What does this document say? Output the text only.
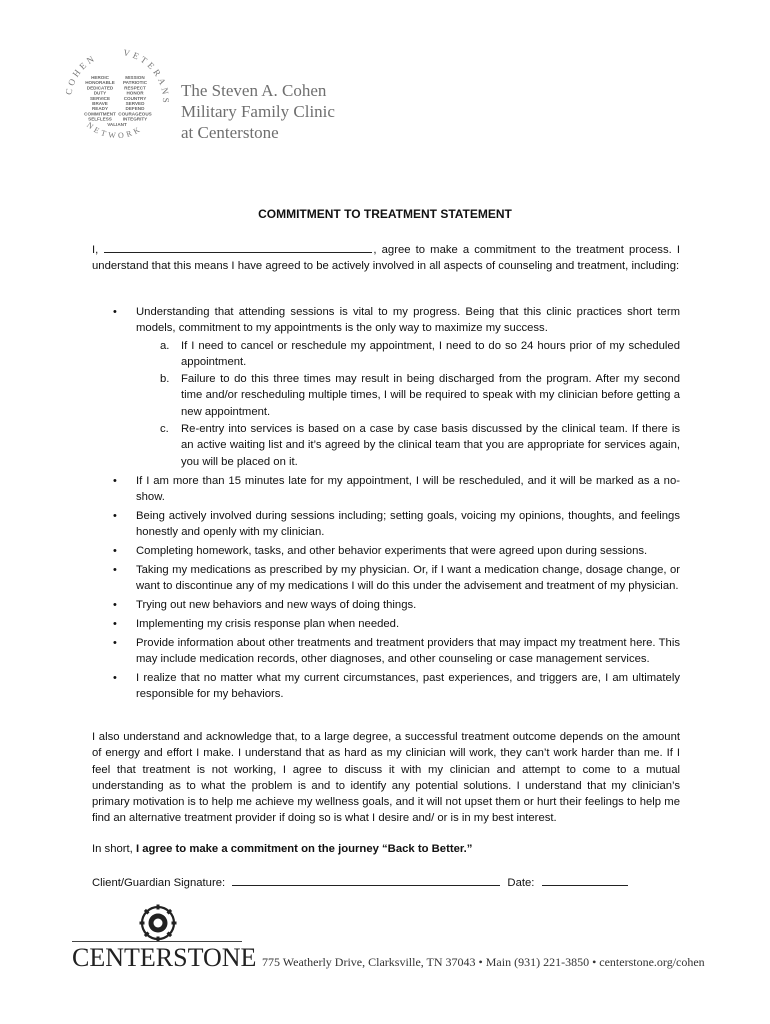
COHEN	VETERANS
NETWORK
HEROIC	MISSION
HONORABLE PATRIOTIC
DEDICATED RESPECT
DUTY	HONOR
SERVICE	COUNTRY
BRAVE	SERVED
READY	DEFEND
COMMITMENT COURAGEOUS
SELFLESS INTEGRITY
VALIANT
The Steven A. Cohen
Military Family Clinic
at Centerstone
COMMITMENT TO TREATMENT STATEMENT
I,	, agree to make a commitment to the treatment process. I understand that this means I have agreed to be actively involved in all aspects of counseling and treatment, including:
• Understanding that attending sessions is vital to my progress. Being that this clinic practices short term models, commitment to my appointments is the only way to maximize my success.
a. If I need to cancel or reschedule my appointment, I need to do so 24 hours prior of my scheduled appointment.
b. Failure to do this three times may result in being discharged from the program. After my second time and/or rescheduling multiple times, I will be required to speak with my clinician before getting a new appointment.
c. Re-entry into services is based on a case by case basis discussed by the clinical team. If there is an active waiting list and it’s agreed by the clinical team that you are appropriate for services again, you will be placed on it.
• If I am more than 15 minutes late for my appointment, I will be rescheduled, and it will be marked as a no-show.
• Being actively involved during sessions including; setting goals, voicing my opinions, thoughts, and feelings honestly and openly with my clinician.
• Completing homework, tasks, and other behavior experiments that were agreed upon during sessions.
• Taking my medications as prescribed by my physician. Or, if I want a medication change, dosage change, or want to discontinue any of my medications I will do this under the advisement and treatment of my physician.
• Trying out new behaviors and new ways of doing things.
• Implementing my crisis response plan when needed.
• Provide information about other treatments and treatment providers that may impact my treatment here. This may include medication records, other diagnoses, and other counseling or case management services.
• I realize that no matter what my current circumstances, past experiences, and triggers are, I am ultimately responsible for my behaviors.
I also understand and acknowledge that, to a large degree, a successful treatment outcome depends on the amount of energy and effort I make. I understand that as hard as my clinician will work, they can’t work harder than me. If I feel that treatment is not working, I agree to discuss it with my clinician and attempt to come to a mutual understanding as to what the problem is and to identify any potential solutions. I understand that my clinician’s primary motivation is to help me achieve my wellness goals, and it will not upset them or hurt their feelings to help me find an alternative treatment provider if doing so is what I desire and/ or is in my best interest.
In short, I agree to make a commitment on the journey “Back to Better.”
Client/Guardian Signature:	Date:
CENTERSTONE 775 Weatherly Drive, Clarksville, TN 37043 • Main (931) 221-3850 • centerstone.org/cohen
